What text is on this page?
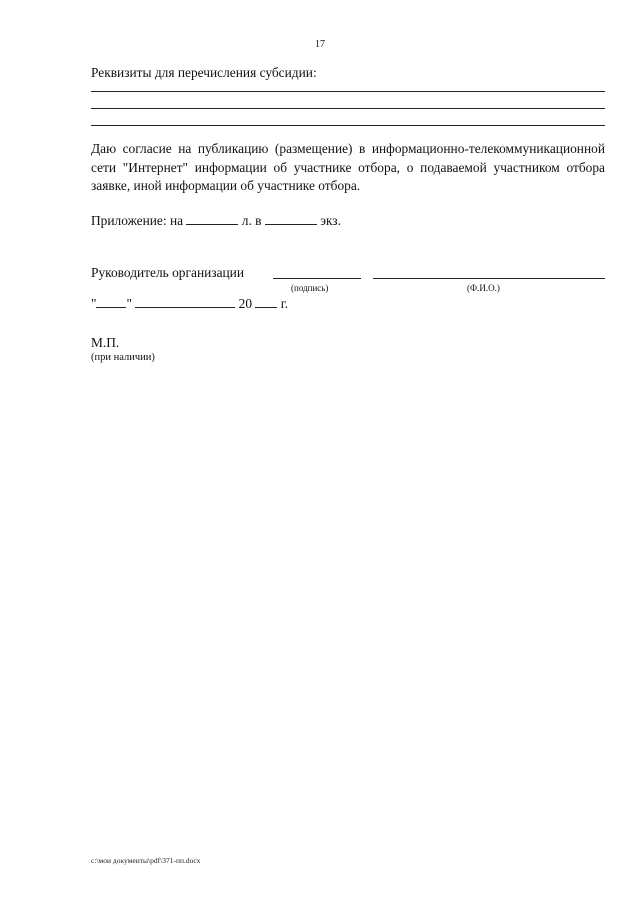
17
Реквизиты для перечисления субсидии:

Даю согласие на публикацию (размещение) в информационно-телекоммуникационной сети "Интернет" информации об участнике отбора, о подаваемой участником отбора заявке, иной информации об участнике отбора.

Приложение: на	л. в	экз.
Руководитель организации
(подпись)	(Ф.И.О.)
" "	20 г.
М.П.
(при наличии)
c:\мои документы\pdf\371-пп.docx
